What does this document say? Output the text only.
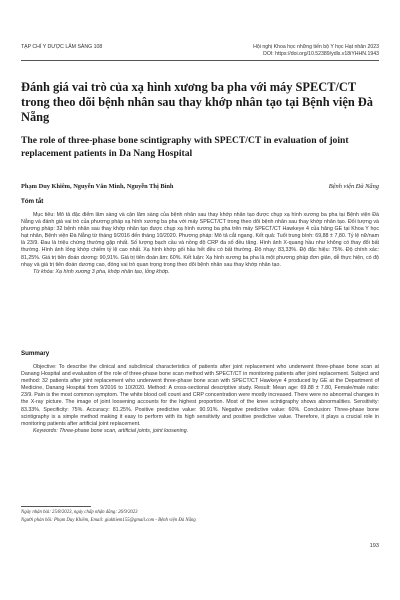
TẠP CHÍ Y DƯỢC LÂM SÀNG 108	Hội nghị Khoa học những tiến bộ Y học Hạt nhân 2023
DOI: https://doi.org/10.52389/ydls.v18iYHHN.1943
Đánh giá vai trò của xạ hình xương ba pha với máy SPECT/CT trong theo dõi bệnh nhân sau thay khớp nhân tạo tại Bệnh viện Đà Nẵng
The role of three-phase bone scintigraphy with SPECT/CT in evaluation of joint replacement patients in Da Nang Hospital
Phạm Duy Khiêm, Nguyễn Văn Minh, Nguyễn Thị Bình	Bệnh viện Đà Nẵng
Tóm tắt

Mục tiêu: Mô tả đặc điểm lâm sàng và cận lâm sàng của bệnh nhân sau thay khớp nhân tạo được chụp xạ hình xương ba pha tại Bệnh viện Đà Nẵng và đánh giá vai trò của phương pháp xạ hình xương ba pha với máy SPECT/CT trong theo dõi bệnh nhân sau thay khớp nhân tạo. Đối tượng và phương pháp: 32 bệnh nhân sau thay khớp nhân tạo được chụp xạ hình xương ba pha trên máy SPECT/CT Hawkeye 4 của hãng GE tại Khoa Y học hạt nhân, Bệnh viện Đà Nẵng từ tháng 9/2016 đến tháng 10/2020. Phương pháp: Mô tả cắt ngang. Kết quả: Tuổi trung bình: 69,88 ± 7,80. Tỷ lệ nữ/nam là 23/9. Đau là triệu chứng thường gặp nhất. Số lượng bạch cầu và nồng độ CRP đa số đều tăng. Hình ảnh X-quang hầu như không có thay đổi bất thường. Hình ảnh lỏng khớp chiếm tỷ lệ cao nhất. Xạ hình khớp gối hầu hết đều có bất thường. Độ nhạy: 83,33%. Độ đặc hiệu: 75%. Độ chính xác: 81,25%. Giá trị tiên đoán dương: 90,91%. Giá trị tiên đoán âm: 60%. Kết luận: Xạ hình xương ba pha là một phương pháp đơn giản, dễ thực hiện, có độ nhạy và giá trị tiên đoán dương cao, đóng vai trò quan trọng trong theo dõi bệnh nhân sau thay khớp nhân tạo.

Từ khóa: Xạ hình xương 3 pha, khớp nhân tạo, lỏng khớp.

Summary

Objective: To describe the clinical and subclinical characteristics of patients after joint replacement who underwent three-phase bone scan at Danang Hospital and evaluation of the role of three-phase bone scan method with SPECT/CT in monitoring patients after joint replacement. Subject and method: 32 patients after joint replacement who underwent three-phase bone scan with SPECT/CT Hawkeye 4 produced by GE at the Department of Medicine, Danang Hospital from 9/2016 to 10/2020. Method: A cross-sectional descriptive study. Result: Mean age: 69.88 ± 7.80, Female/male ratio: 23/9. Pain is the most common symptom. The white blood cell count and CRP concentration were mostly increased. There were no abnormal changes in the X-ray picture. The image of joint loosening accounts for the highest proportion. Most of the knee scintigraphy shows abnormalities. Sensitivity: 83.33%. Specificity: 75%. Accuracy: 81.25%. Positive predictive value: 90.91%. Negative predictive value: 60%. Conclusion: Three-phase bone scintigraphy is a simple method making it easy to perform with its high sensitivity and positive predictive value. Therefore, it plays a crucial role in monitoring patients after artificial joint replacement.

Keywords: Three-phase bone scan, artificial joints, joint loosening.

Ngày nhận bài: 25/8/2023, ngày chấp nhận đăng: 26/9/2023
Người phản hồi: Phạm Duy Khiêm, Email: giakhiem155@gmail.com - Bệnh viện Đà Nẵng
193
